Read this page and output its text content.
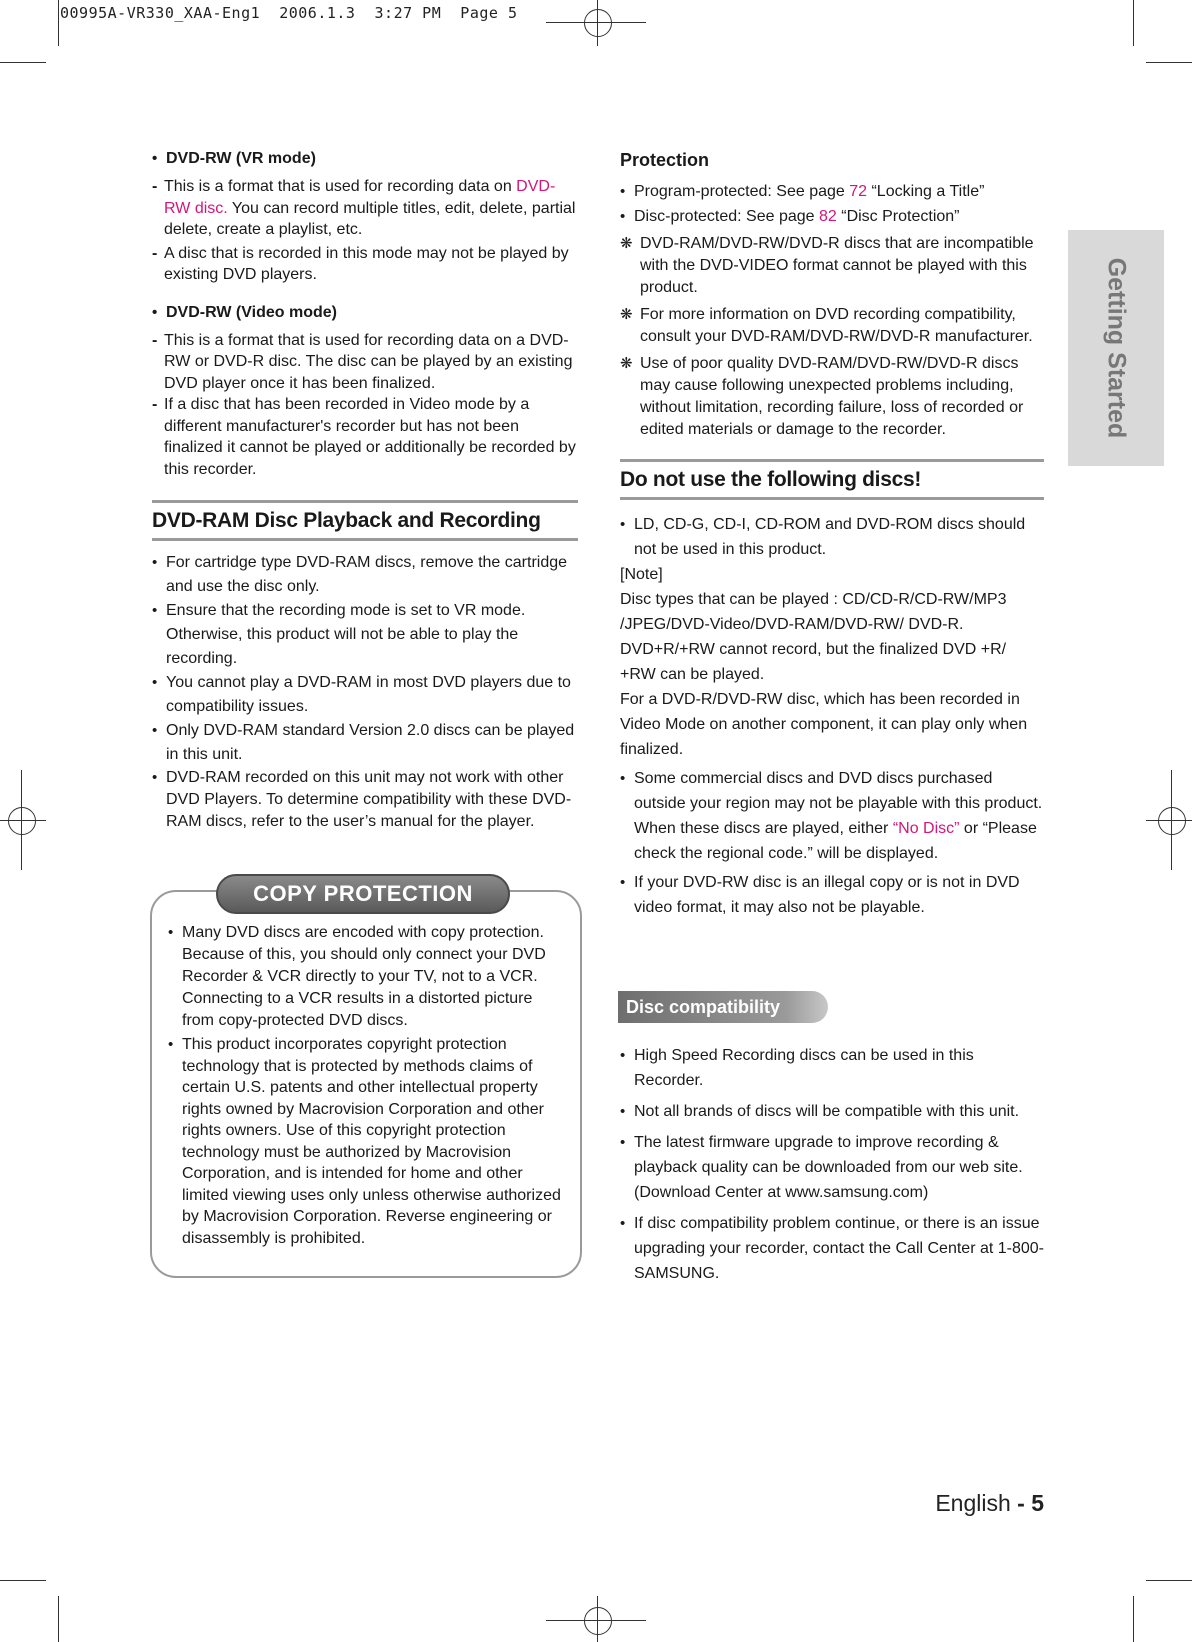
00995A-VR330_XAA-Eng1  2006.1.3  3:27 PM  Page 5
Getting Started
• DVD-RW (VR mode)
- This is a format that is used for recording data on DVD-RW disc. You can record multiple titles, edit, delete, partial delete, create a playlist, etc.
- A disc that is recorded in this mode may not be played by existing DVD players.
• DVD-RW (Video mode)
- This is a format that is used for recording data on a DVD-RW or DVD-R disc. The disc can be played by an existing DVD player once it has been finalized.
- If a disc that has been recorded in Video mode by a different manufacturer's recorder but has not been finalized it cannot be played or additionally be recorded by this recorder.
DVD-RAM Disc Playback and Recording
• For cartridge type DVD-RAM discs, remove the cartridge and use the disc only.
• Ensure that the recording mode is set to VR mode. Otherwise, this product will not be able to play the recording.
• You cannot play a DVD-RAM in most DVD players due to compatibility issues.
• Only DVD-RAM standard Version 2.0 discs can be played in this unit.
• DVD-RAM recorded on this unit may not work with other DVD Players. To determine compatibility with these DVD-RAM discs, refer to the user’s manual for the player.
COPY PROTECTION
• Many DVD discs are encoded with copy protection. Because of this, you should only connect your DVD Recorder & VCR directly to your TV, not to a VCR. Connecting to a VCR results in a distorted picture from copy-protected DVD discs.
• This product incorporates copyright protection technology that is protected by methods claims of certain U.S. patents and other intellectual property rights owned by Macrovision Corporation and other rights owners. Use of this copyright protection technology must be authorized by Macrovision Corporation, and is intended for home and other limited viewing uses only unless otherwise authorized by Macrovision Corporation. Reverse engineering or disassembly is prohibited.
Protection
• Program-protected: See page 72 “Locking a Title”
• Disc-protected: See page 82 “Disc Protection”
❋ DVD-RAM/DVD-RW/DVD-R discs that are incompatible with the DVD-VIDEO format cannot be played with this product.
❋ For more information on DVD recording compatibility, consult your DVD-RAM/DVD-RW/DVD-R manufacturer.
❋ Use of poor quality DVD-RAM/DVD-RW/DVD-R discs may cause following unexpected problems including, without limitation, recording failure, loss of recorded or edited materials or damage to the recorder.
Do not use the following discs!
• LD, CD-G, CD-I, CD-ROM and DVD-ROM discs should not be used in this product.
[Note]
Disc types that can be played : CD/CD-R/CD-RW/MP3 /JPEG/DVD-Video/DVD-RAM/DVD-RW/ DVD-R.
DVD+R/+RW cannot record, but the finalized DVD +R/ +RW can be played.
For a DVD-R/DVD-RW disc, which has been recorded in Video Mode on another component, it can play only when finalized.
• Some commercial discs and DVD discs purchased outside your region may not be playable with this product. When these discs are played, either “No Disc” or “Please check the regional code.” will be displayed.
• If your DVD-RW disc is an illegal copy or is not in DVD video format, it may also not be playable.
Disc compatibility
• High Speed Recording discs can be used in this Recorder.
• Not all brands of discs will be compatible with this unit.
• The latest firmware upgrade to improve recording & playback quality can be downloaded from our web site. (Download Center at www.samsung.com)
• If disc compatibility problem continue, or there is an issue upgrading your recorder, contact the Call Center at 1-800-SAMSUNG.
English - 5
